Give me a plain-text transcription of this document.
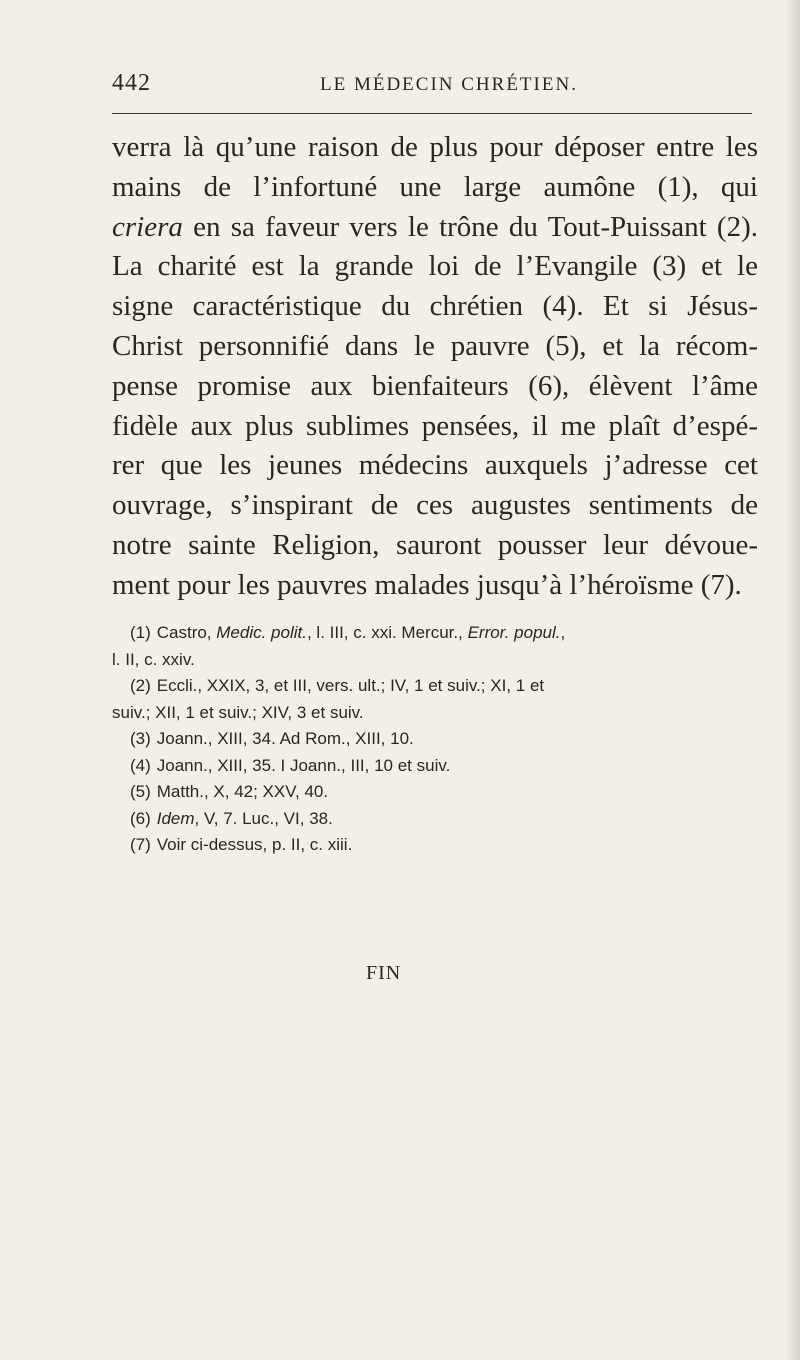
442	LE MÉDECIN CHRÉTIEN.
verra là qu’une raison de plus pour déposer entre les
mains de l’infortuné une large aumône (1), qui
criera en sa faveur vers le trône du Tout-Puissant (2).
La charité est la grande loi de l’Evangile (3) et le
signe caractéristique du chrétien (4). Et si Jésus-
Christ personnifié dans le pauvre (5), et la récom-
pense promise aux bienfaiteurs (6), élèvent l’âme
fidèle aux plus sublimes pensées, il me plaît d’espé-
rer que les jeunes médecins auxquels j’adresse cet
ouvrage, s’inspirant de ces augustes sentiments de
notre sainte Religion, sauront pousser leur dévoue-
ment pour les pauvres malades jusqu’à l’héroïsme (7).
(1) Castro, Medic. polit., l. III, c. xxi. Mercur., Error. popul.,
l. II, c. xxiv.
(2) Eccli., XXIX, 3, et III, vers. ult.; IV, 1 et suiv.; XI, 1 et
suiv.; XII, 1 et suiv.; XIV, 3 et suiv.
(3) Joann., XIII, 34. Ad Rom., XIII, 10.
(4) Joann., XIII, 35. I Joann., III, 10 et suiv.
(5) Matth., X, 42; XXV, 40.
(6) Idem, V, 7. Luc., VI, 38.
(7) Voir ci-dessus, p. II, c. xiii.
FIN
